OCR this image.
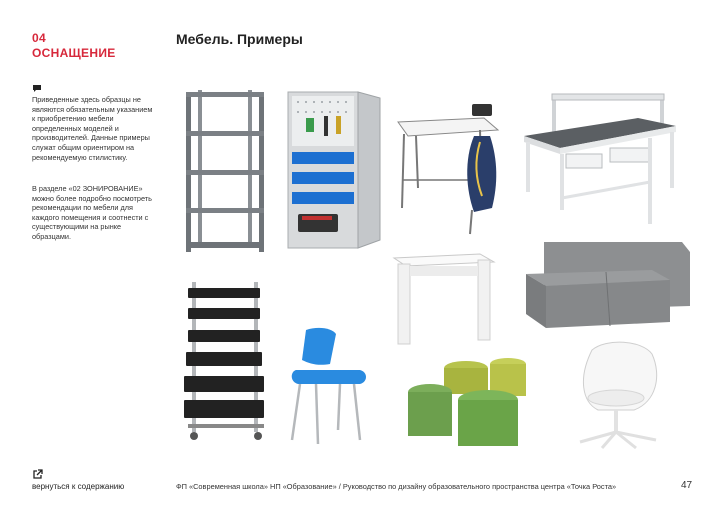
04
ОСНАЩЕНИЕ
Мебель. Примеры
Приведенные здесь образцы не являются обязательным указанием к приобретению мебели определенных моделей и производителей. Данные примеры служат общим ориентиром на рекомендуемую стилистику.
В разделе «02 ЗОНИРОВАНИЕ» можно более подробно посмотреть рекомендации по мебели для каждого помещения и соотнести с существующими на рынке образцами.
вернуться к содержанию	ФП «Современная школа» НП «Образование» / Руководство по дизайну образовательного пространства центра «Точка Роста»	47
